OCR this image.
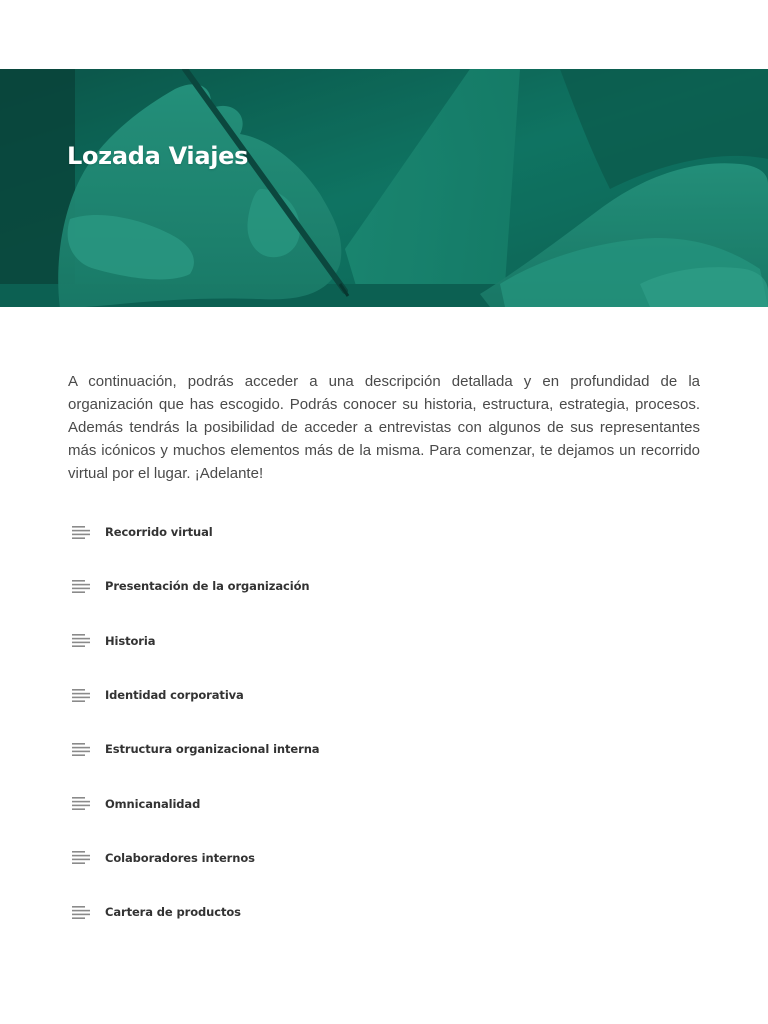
Lozada Viajes

A continuación, podrás acceder a una descripción detallada y en profundidad de la organización que has escogido. Podrás conocer su historia, estructura, estrategia, procesos. Además tendrás la posibilidad de acceder a entrevistas con algunos de sus representantes más icónicos y muchos elementos más de la misma. Para comenzar, te dejamos un recorrido virtual por el lugar. ¡Adelante!

Recorrido virtual
Presentación de la organización
Historia
Identidad corporativa
Estructura organizacional interna
Omnicanalidad
Colaboradores internos
Cartera de productos
